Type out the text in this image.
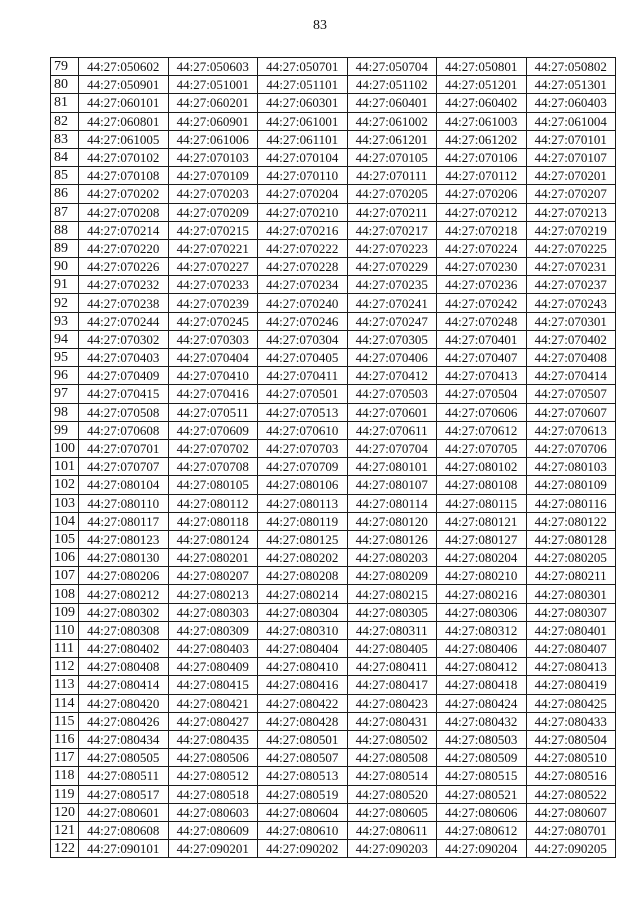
83
79	44:27:050602	44:27:050603	44:27:050701	44:27:050704	44:27:050801	44:27:050802
80	44:27:050901	44:27:051001	44:27:051101	44:27:051102	44:27:051201	44:27:051301
81	44:27:060101	44:27:060201	44:27:060301	44:27:060401	44:27:060402	44:27:060403
82	44:27:060801	44:27:060901	44:27:061001	44:27:061002	44:27:061003	44:27:061004
83	44:27:061005	44:27:061006	44:27:061101	44:27:061201	44:27:061202	44:27:070101
84	44:27:070102	44:27:070103	44:27:070104	44:27:070105	44:27:070106	44:27:070107
85	44:27:070108	44:27:070109	44:27:070110	44:27:070111	44:27:070112	44:27:070201
86	44:27:070202	44:27:070203	44:27:070204	44:27:070205	44:27:070206	44:27:070207
87	44:27:070208	44:27:070209	44:27:070210	44:27:070211	44:27:070212	44:27:070213
88	44:27:070214	44:27:070215	44:27:070216	44:27:070217	44:27:070218	44:27:070219
89	44:27:070220	44:27:070221	44:27:070222	44:27:070223	44:27:070224	44:27:070225
90	44:27:070226	44:27:070227	44:27:070228	44:27:070229	44:27:070230	44:27:070231
91	44:27:070232	44:27:070233	44:27:070234	44:27:070235	44:27:070236	44:27:070237
92	44:27:070238	44:27:070239	44:27:070240	44:27:070241	44:27:070242	44:27:070243
93	44:27:070244	44:27:070245	44:27:070246	44:27:070247	44:27:070248	44:27:070301
94	44:27:070302	44:27:070303	44:27:070304	44:27:070305	44:27:070401	44:27:070402
95	44:27:070403	44:27:070404	44:27:070405	44:27:070406	44:27:070407	44:27:070408
96	44:27:070409	44:27:070410	44:27:070411	44:27:070412	44:27:070413	44:27:070414
97	44:27:070415	44:27:070416	44:27:070501	44:27:070503	44:27:070504	44:27:070507
98	44:27:070508	44:27:070511	44:27:070513	44:27:070601	44:27:070606	44:27:070607
99	44:27:070608	44:27:070609	44:27:070610	44:27:070611	44:27:070612	44:27:070613
100	44:27:070701	44:27:070702	44:27:070703	44:27:070704	44:27:070705	44:27:070706
101	44:27:070707	44:27:070708	44:27:070709	44:27:080101	44:27:080102	44:27:080103
102	44:27:080104	44:27:080105	44:27:080106	44:27:080107	44:27:080108	44:27:080109
103	44:27:080110	44:27:080112	44:27:080113	44:27:080114	44:27:080115	44:27:080116
104	44:27:080117	44:27:080118	44:27:080119	44:27:080120	44:27:080121	44:27:080122
105	44:27:080123	44:27:080124	44:27:080125	44:27:080126	44:27:080127	44:27:080128
106	44:27:080130	44:27:080201	44:27:080202	44:27:080203	44:27:080204	44:27:080205
107	44:27:080206	44:27:080207	44:27:080208	44:27:080209	44:27:080210	44:27:080211
108	44:27:080212	44:27:080213	44:27:080214	44:27:080215	44:27:080216	44:27:080301
109	44:27:080302	44:27:080303	44:27:080304	44:27:080305	44:27:080306	44:27:080307
110	44:27:080308	44:27:080309	44:27:080310	44:27:080311	44:27:080312	44:27:080401
111	44:27:080402	44:27:080403	44:27:080404	44:27:080405	44:27:080406	44:27:080407
112	44:27:080408	44:27:080409	44:27:080410	44:27:080411	44:27:080412	44:27:080413
113	44:27:080414	44:27:080415	44:27:080416	44:27:080417	44:27:080418	44:27:080419
114	44:27:080420	44:27:080421	44:27:080422	44:27:080423	44:27:080424	44:27:080425
115	44:27:080426	44:27:080427	44:27:080428	44:27:080431	44:27:080432	44:27:080433
116	44:27:080434	44:27:080435	44:27:080501	44:27:080502	44:27:080503	44:27:080504
117	44:27:080505	44:27:080506	44:27:080507	44:27:080508	44:27:080509	44:27:080510
118	44:27:080511	44:27:080512	44:27:080513	44:27:080514	44:27:080515	44:27:080516
119	44:27:080517	44:27:080518	44:27:080519	44:27:080520	44:27:080521	44:27:080522
120	44:27:080601	44:27:080603	44:27:080604	44:27:080605	44:27:080606	44:27:080607
121	44:27:080608	44:27:080609	44:27:080610	44:27:080611	44:27:080612	44:27:080701
122	44:27:090101	44:27:090201	44:27:090202	44:27:090203	44:27:090204	44:27:090205
